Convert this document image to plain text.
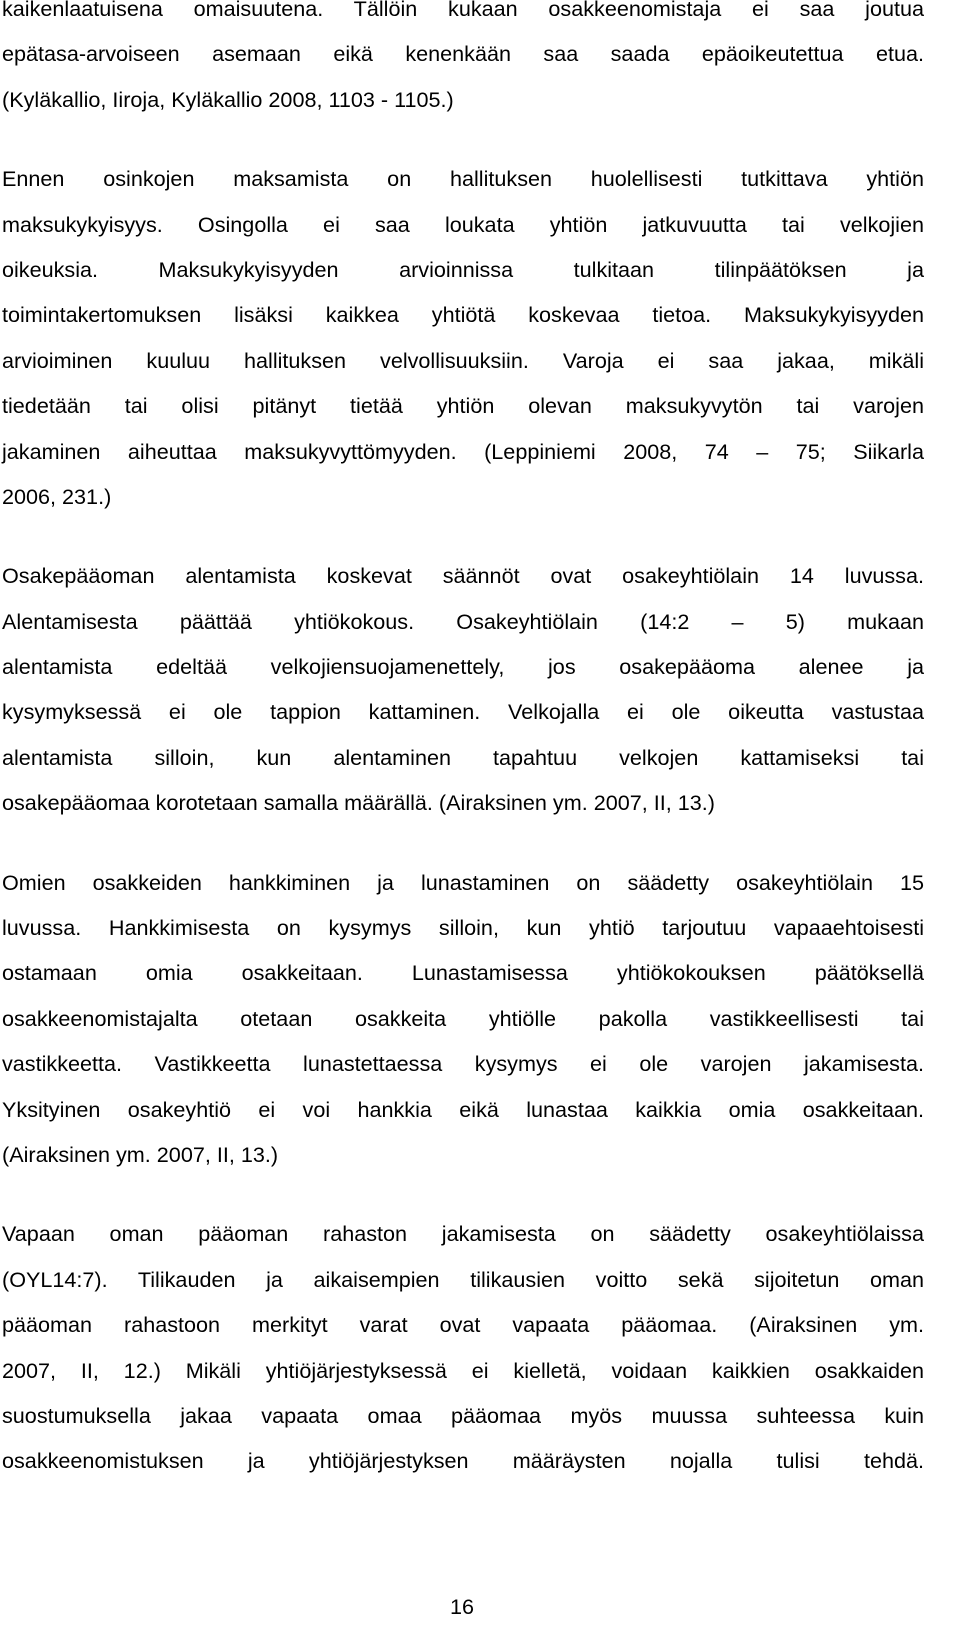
kaikenlaatuisena omaisuutena. Tällöin kukaan osakkeenomistaja ei saa joutua
epätasa-arvoiseen asemaan eikä kenenkään saa saada epäoikeutettua etua.
(Kyläkallio, Iiroja, Kyläkallio 2008, 1103 - 1105.)
Ennen osinkojen maksamista on hallituksen huolellisesti tutkittava yhtiön
maksukykyisyys. Osingolla ei saa loukata yhtiön jatkuvuutta tai velkojien
oikeuksia. Maksukykyisyyden arvioinnissa tulkitaan tilinpäätöksen ja
toimintakertomuksen lisäksi kaikkea yhtiötä koskevaa tietoa. Maksukykyisyyden
arvioiminen kuuluu hallituksen velvollisuuksiin. Varoja ei saa jakaa, mikäli
tiedetään tai olisi pitänyt tietää yhtiön olevan maksukyvytön tai varojen
jakaminen aiheuttaa maksukyvyttömyyden. (Leppiniemi 2008, 74 – 75; Siikarla
2006, 231.)
Osakepääoman alentamista koskevat säännöt ovat osakeyhtiölain 14 luvussa.
Alentamisesta päättää yhtiökokous. Osakeyhtiölain (14:2 – 5) mukaan
alentamista edeltää velkojiensuojamenettely, jos osakepääoma alenee ja
kysymyksessä ei ole tappion kattaminen. Velkojalla ei ole oikeutta vastustaa
alentamista silloin, kun alentaminen tapahtuu velkojen kattamiseksi tai
osakepääomaa korotetaan samalla määrällä. (Airaksinen ym. 2007, II, 13.)
Omien osakkeiden hankkiminen ja lunastaminen on säädetty osakeyhtiölain 15
luvussa. Hankkimisesta on kysymys silloin, kun yhtiö tarjoutuu vapaaehtoisesti
ostamaan omia osakkeitaan. Lunastamisessa yhtiökokouksen päätöksellä
osakkeenomistajalta otetaan osakkeita yhtiölle pakolla vastikkeellisesti tai
vastikkeetta. Vastikkeetta lunastettaessa kysymys ei ole varojen jakamisesta.
Yksityinen osakeyhtiö ei voi hankkia eikä lunastaa kaikkia omia osakkeitaan.
(Airaksinen ym. 2007, II, 13.)
Vapaan oman pääoman rahaston jakamisesta on säädetty osakeyhtiölaissa
(OYL14:7). Tilikauden ja aikaisempien tilikausien voitto sekä sijoitetun oman
pääoman rahastoon merkityt varat ovat vapaata pääomaa. (Airaksinen ym.
2007, II, 12.) Mikäli yhtiöjärjestyksessä ei kielletä, voidaan kaikkien osakkaiden
suostumuksella jakaa vapaata omaa pääomaa myös muussa suhteessa kuin
osakkeenomistuksen ja yhtiöjärjestyksen määräysten nojalla tulisi tehdä.
16
